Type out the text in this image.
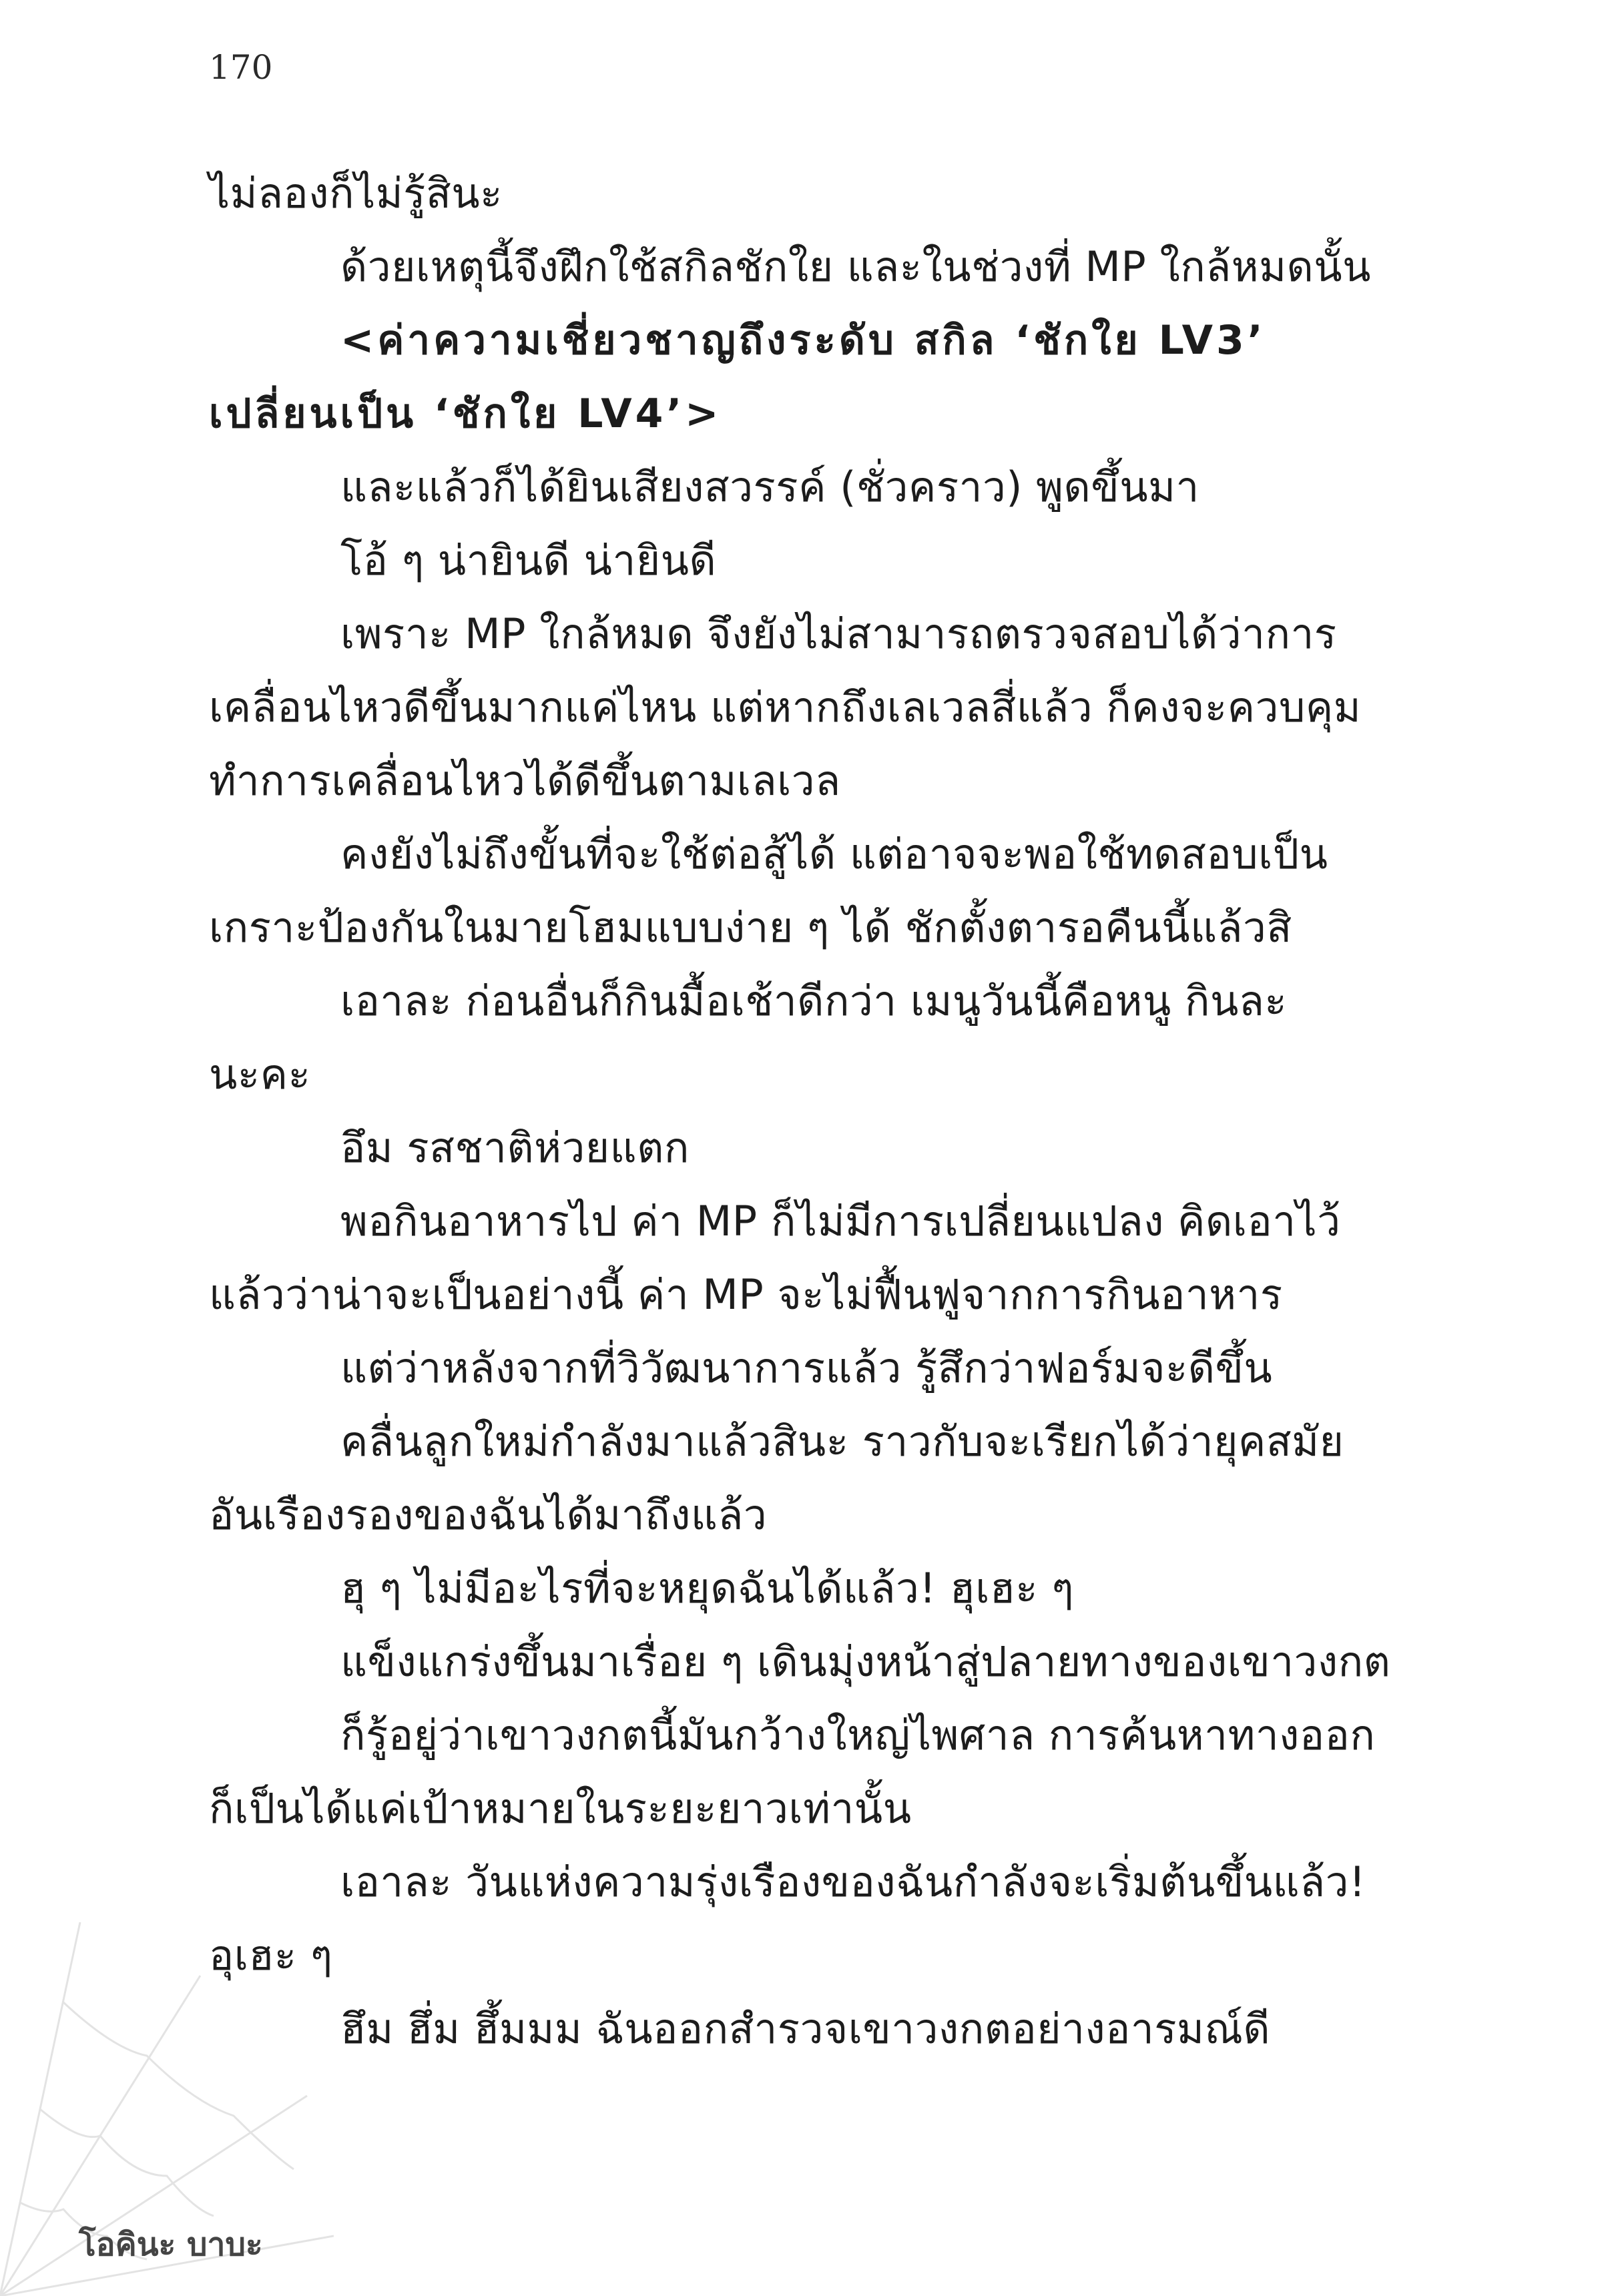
170
ไม่ลองก็ไม่รู้สินะ
ด้วยเหตุนี้จึงฝึกใช้สกิลชักใย และในช่วงที่ MP ใกล้หมดนั้น
<ค่าความเชี่ยวชาญถึงระดับ สกิล ‘ชักใย LV3’
เปลี่ยนเป็น ‘ชักใย LV4’>
และแล้วก็ได้ยินเสียงสวรรค์ (ชั่วคราว) พูดขึ้นมา
โอ้ ๆ น่ายินดี น่ายินดี
เพราะ MP ใกล้หมด จึงยังไม่สามารถตรวจสอบได้ว่าการ
เคลื่อนไหวดีขึ้นมากแค่ไหน แต่หากถึงเลเวลสี่แล้ว ก็คงจะควบคุม
ทำการเคลื่อนไหวได้ดีขึ้นตามเลเวล
คงยังไม่ถึงขั้นที่จะใช้ต่อสู้ได้ แต่อาจจะพอใช้ทดสอบเป็น
เกราะป้องกันในมายโฮมแบบง่าย ๆ ได้ ชักตั้งตารอคืนนี้แล้วสิ
เอาละ ก่อนอื่นก็กินมื้อเช้าดีกว่า เมนูวันนี้คือหนู กินละ
นะคะ
อึม รสชาติห่วยแตก
พอกินอาหารไป ค่า MP ก็ไม่มีการเปลี่ยนแปลง คิดเอาไว้
แล้วว่าน่าจะเป็นอย่างนี้ ค่า MP จะไม่ฟื้นฟูจากการกินอาหาร
แต่ว่าหลังจากที่วิวัฒนาการแล้ว รู้สึกว่าฟอร์มจะดีขึ้น
คลื่นลูกใหม่กำลังมาแล้วสินะ ราวกับจะเรียกได้ว่ายุคสมัย
อันเรืองรองของฉันได้มาถึงแล้ว
ฮุ ๆ ไม่มีอะไรที่จะหยุดฉันได้แล้ว! ฮุเฮะ ๆ
แข็งแกร่งขึ้นมาเรื่อย ๆ เดินมุ่งหน้าสู่ปลายทางของเขาวงกต
ก็รู้อยู่ว่าเขาวงกตนี้มันกว้างใหญ่ไพศาล การค้นหาทางออก
ก็เป็นได้แค่เป้าหมายในระยะยาวเท่านั้น
เอาละ วันแห่งความรุ่งเรืองของฉันกำลังจะเริ่มต้นขึ้นแล้ว!
อุเฮะ ๆ
ฮึม ฮึ่ม ฮึ้มมม ฉันออกสำรวจเขาวงกตอย่างอารมณ์ดี
โอคินะ บาบะ
